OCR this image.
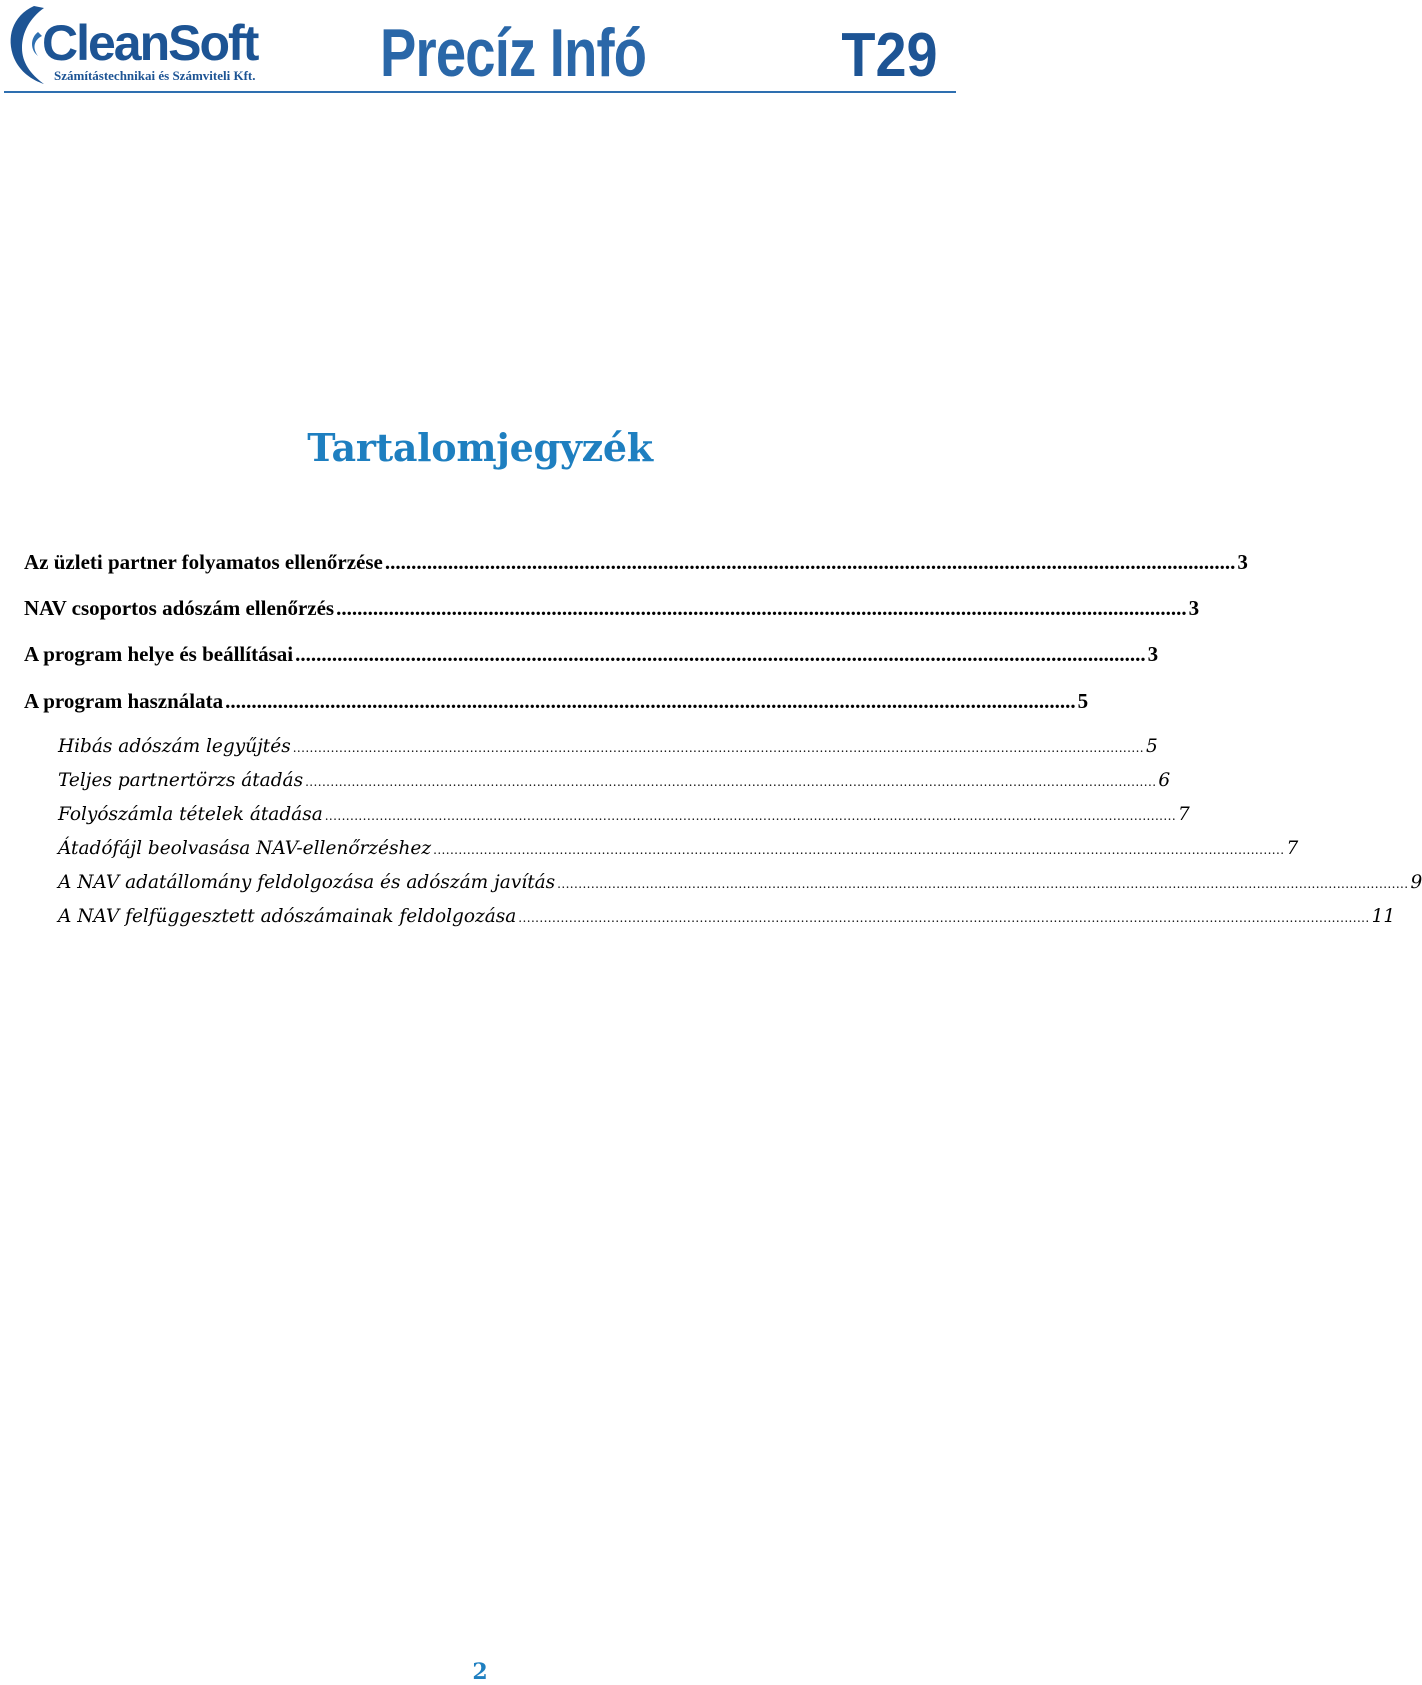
CleanSoft
Számítástechnikai és Számviteli Kft. Precíz Infó	T29
Tartalomjegyzék
Az üzleti partner folyamatos ellenőrzése .................................................................................................................................................................. 3
NAV csoportos adószám ellenőrzés .................................................................................................................................................................. 3
A program helye és beállításai .................................................................................................................................................................. 3
A program használata .................................................................................................................................................................. 5
Hibás adószám legyűjtés .......................................................................................................................................................................................................... 5
Teljes partnertörzs átadás .......................................................................................................................................................................................................... 6
Folyószámla tételek átadása .......................................................................................................................................................................................................... 7
Átadófájl beolvasása NAV-ellenőrzéshez .......................................................................................................................................................................................................... 7
A NAV adatállomány feldolgozása és adószám javítás .......................................................................................................................................................................................................... 9
A NAV felfüggesztett adószámainak feldolgozása .......................................................................................................................................................................................................... 11
2
